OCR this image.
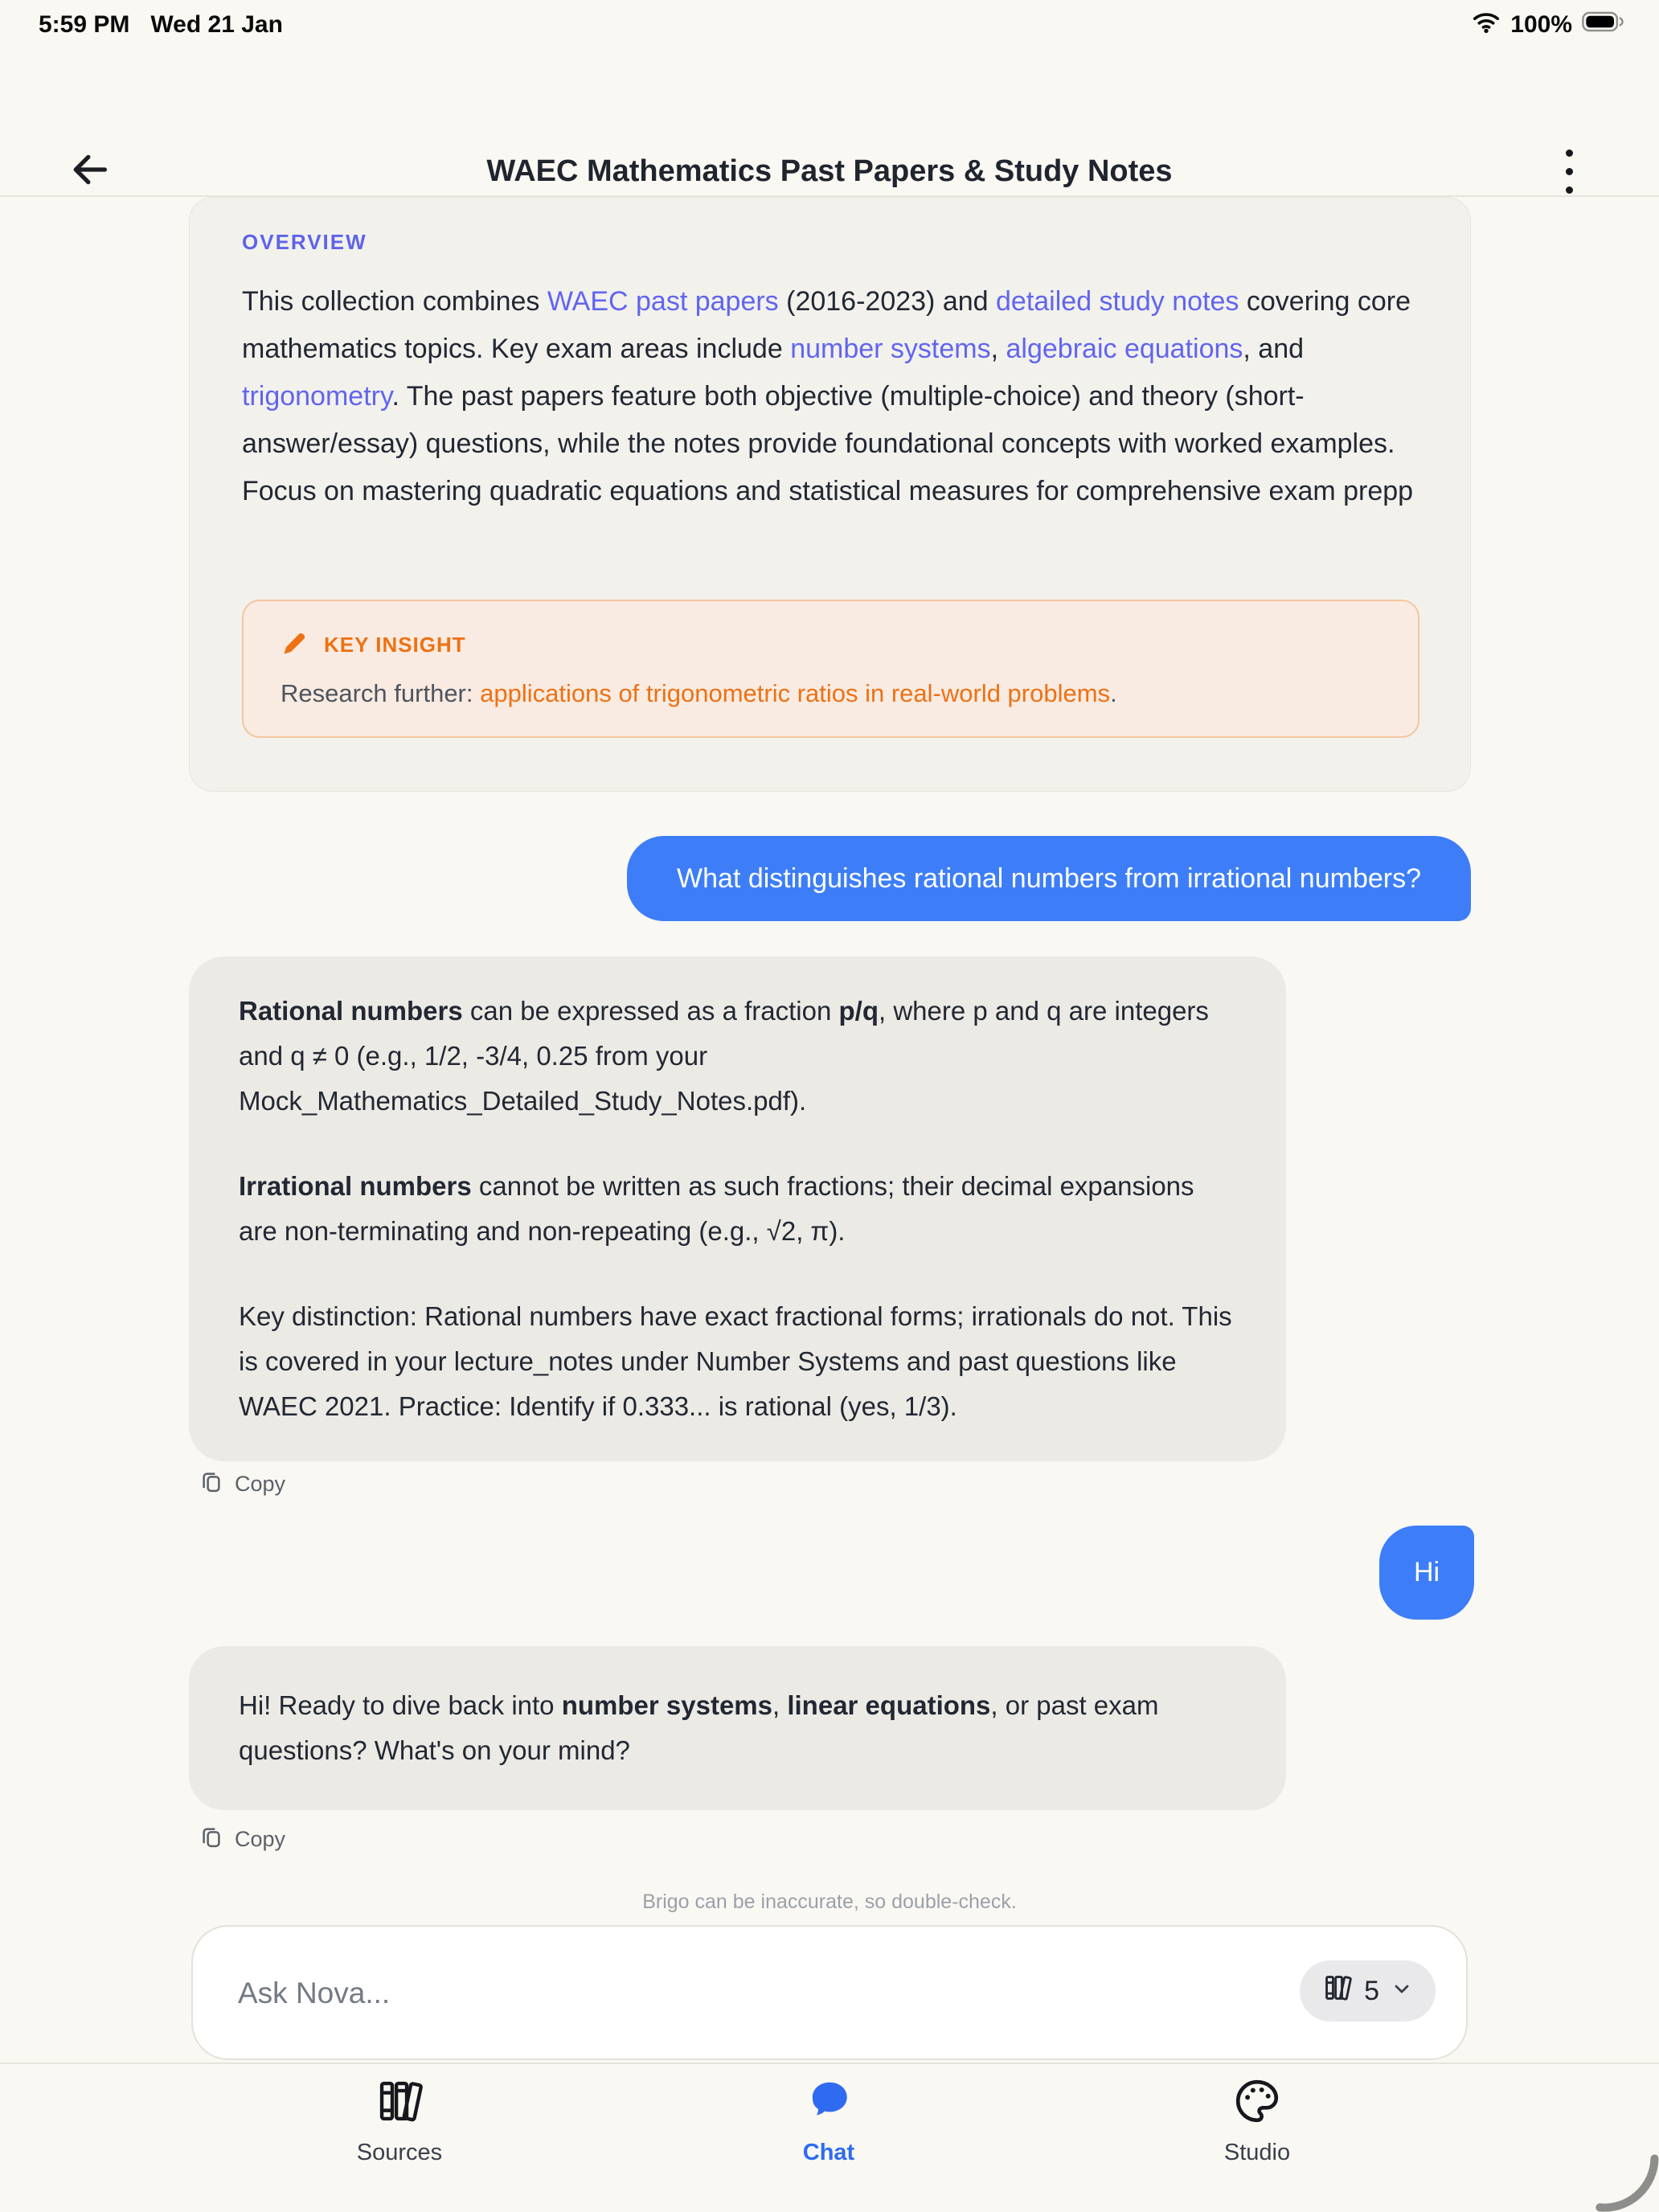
5:59 PM Wed 21 Jan	100%
WAEC Mathematics Past Papers & Study Notes
OVERVIEW

This collection combines WAEC past papers (2016-2023) and detailed study notes covering core mathematics topics. Key exam areas include number systems, algebraic equations, and trigonometry. The past papers feature both objective (multiple-choice) and theory (short-answer/essay) questions, while the notes provide foundational concepts with worked examples. Focus on mastering quadratic equations and statistical measures for comprehensive exam prepp

KEY INSIGHT

Research further: applications of trigonometric ratios in real-world problems.

What distinguishes rational numbers from irrational numbers?

Rational numbers can be expressed as a fraction p/q, where p and q are integers and q ≠ 0 (e.g., 1/2, -3/4, 0.25 from your Mock_Mathematics_Detailed_Study_Notes.pdf).

Irrational numbers cannot be written as such fractions; their decimal expansions are non-terminating and non-repeating (e.g., √2, π).

Key distinction: Rational numbers have exact fractional forms; irrationals do not. This is covered in your lecture_notes under Number Systems and past questions like WAEC 2021. Practice: Identify if 0.333... is rational (yes, 1/3).

Copy
Hi

Hi! Ready to dive back into number systems, linear equations, or past exam questions? What's on your mind?

Copy
Brigo can be inaccurate, so double-check.
Ask Nova...
5
Sources	Chat	Studio
